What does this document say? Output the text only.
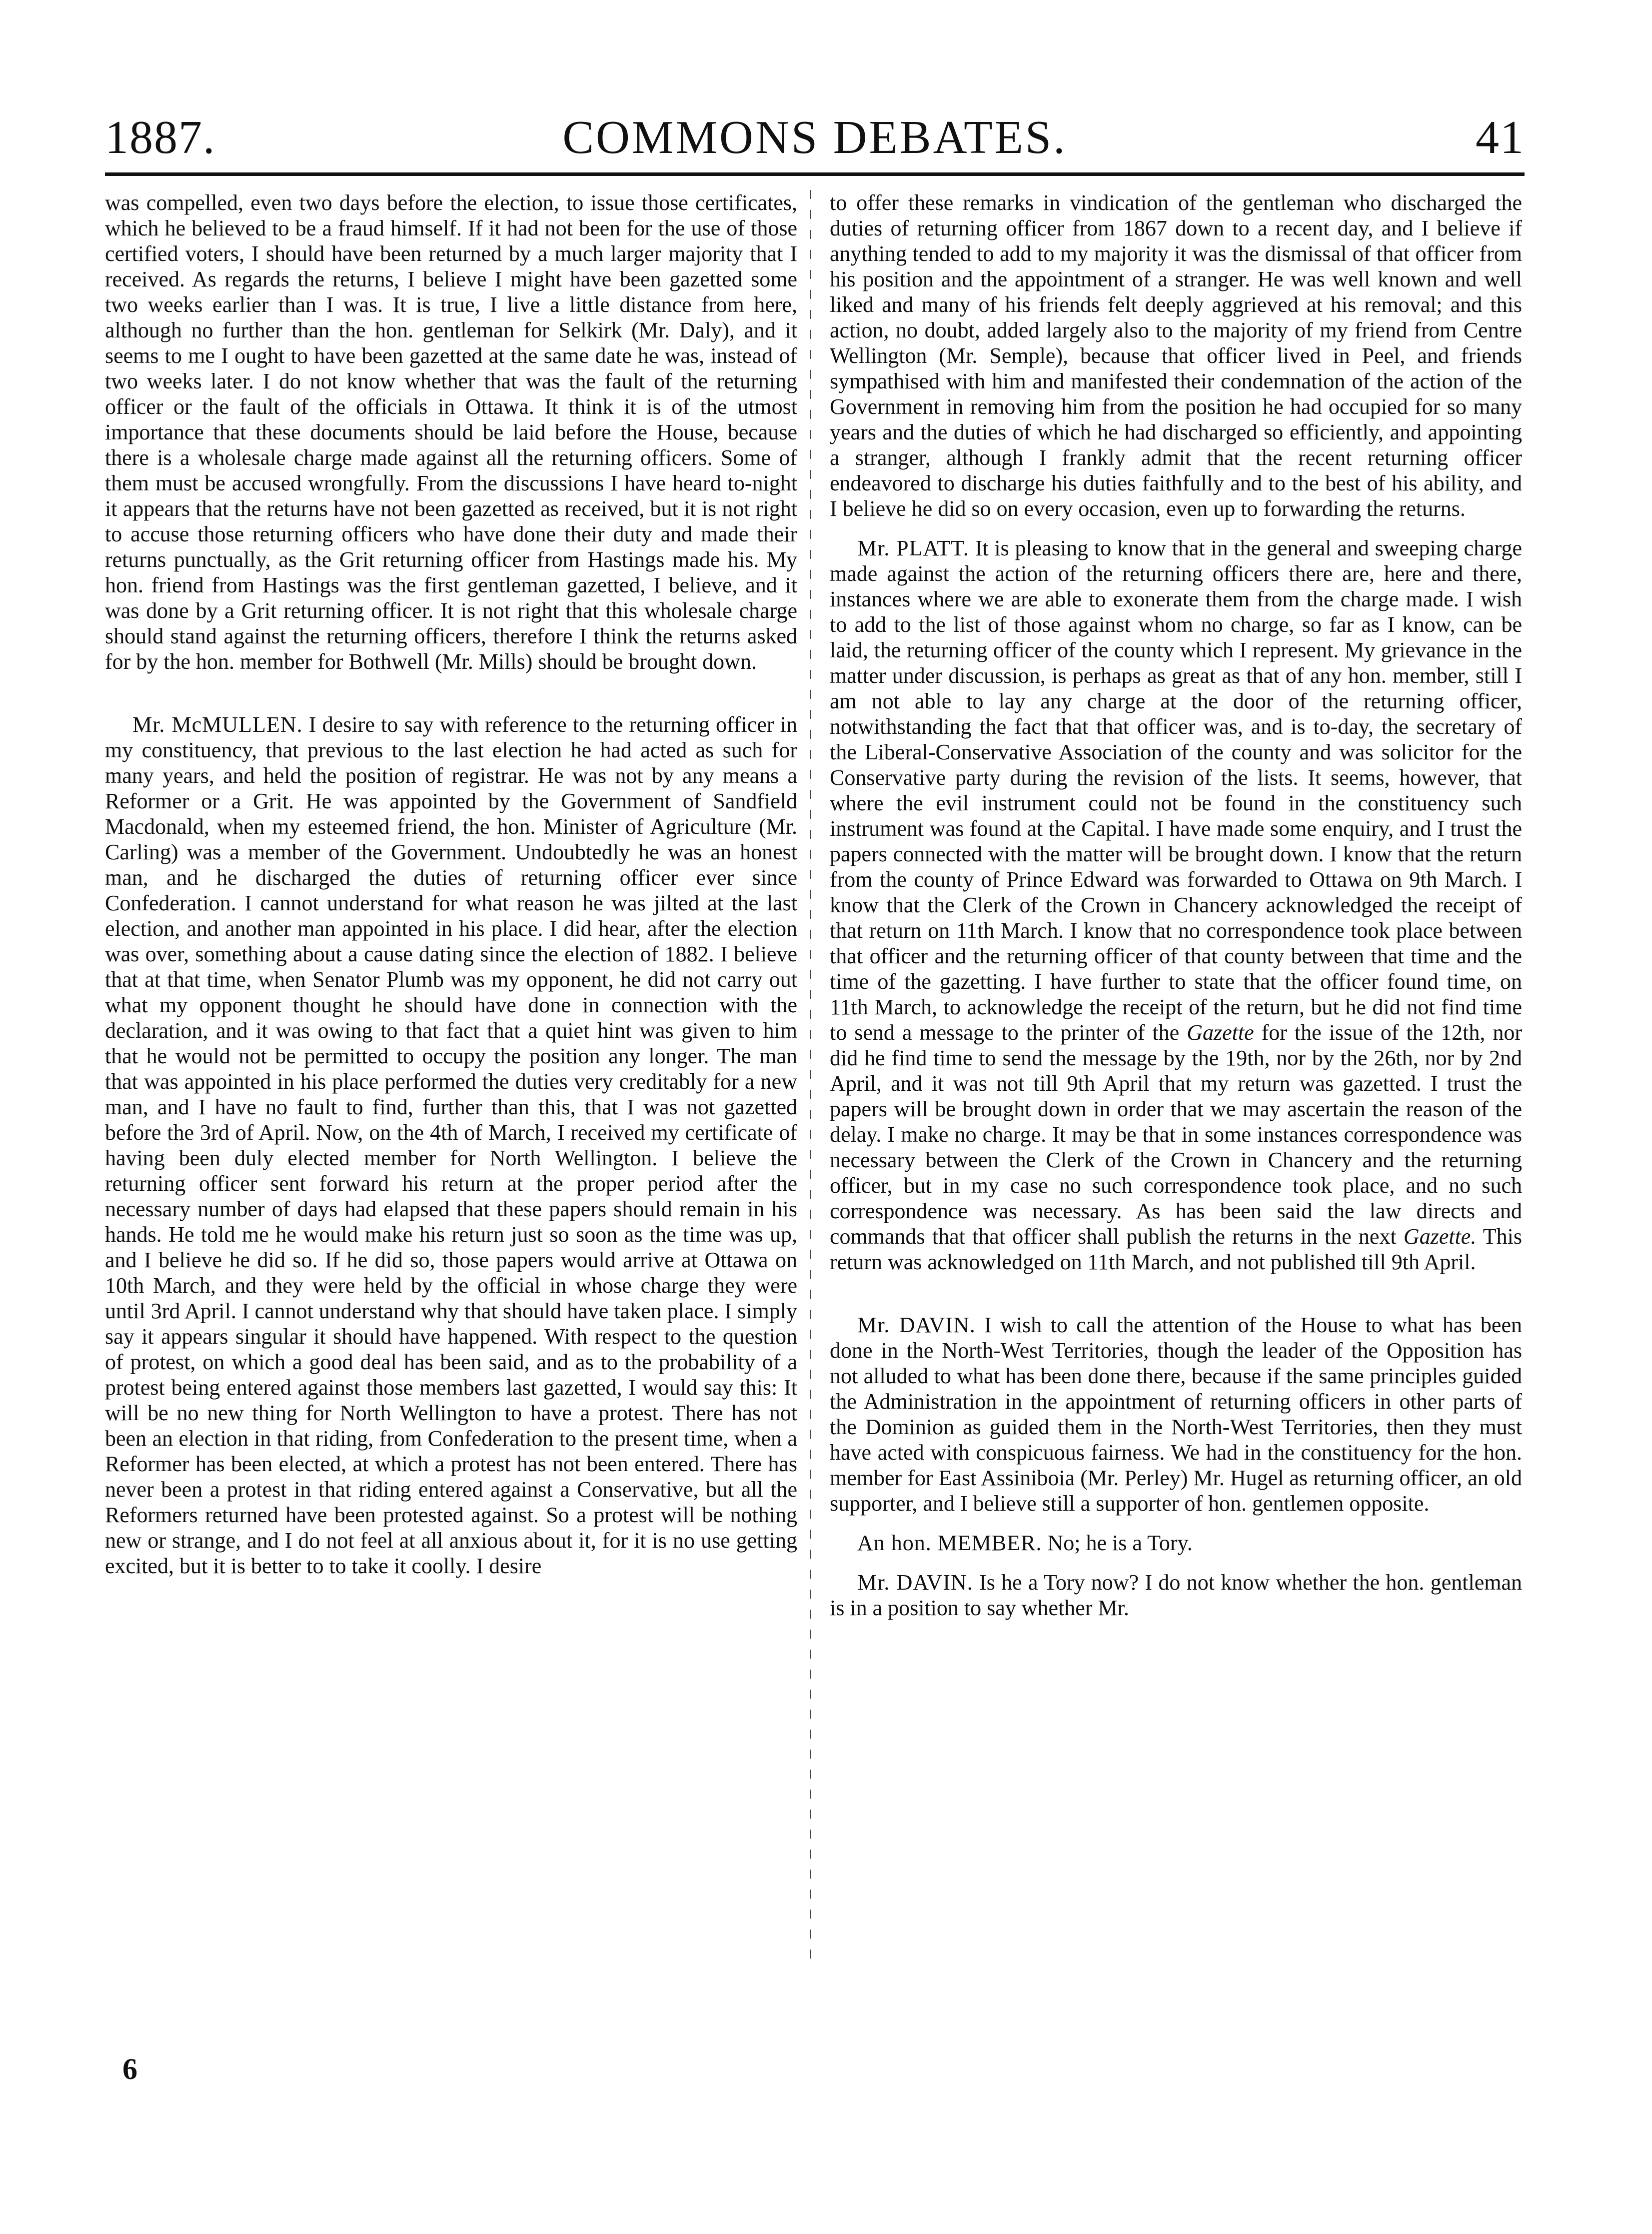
1887.	COMMONS DEBATES.	41

was compelled, even two days before the election, to issue those certificates, which he believed to be a fraud himself. If it had not been for the use of those certified voters, I should have been returned by a much larger majority that I received. As regards the returns, I believe I might have been gazetted some two weeks earlier than I was. It is true, I live a little distance from here, although no further than the hon. gentleman for Selkirk (Mr. Daly), and it seems to me I ought to have been gazetted at the same date he was, instead of two weeks later. I do not know whether that was the fault of the returning officer or the fault of the officials in Ottawa. It think it is of the utmost importance that these documents should be laid before the House, because there is a wholesale charge made against all the returning officers. Some of them must be accused wrongfully. From the discussions I have heard to-night it appears that the returns have not been gazetted as received, but it is not right to accuse those returning officers who have done their duty and made their returns punctually, as the Grit returning officer from Hastings made his. My hon. friend from Hastings was the first gentleman gazetted, I believe, and it was done by a Grit returning officer. It is not right that this wholesale charge should stand against the returning officers, therefore I think the returns asked for by the hon. member for Bothwell (Mr. Mills) should be brought down.

Mr. McMULLEN. I desire to say with reference to the returning officer in my constituency, that previous to the last election he had acted as such for many years, and held the position of registrar. He was not by any means a Reformer or a Grit. He was appointed by the Government of Sandfield Macdonald, when my esteemed friend, the hon. Minister of Agriculture (Mr. Carling) was a member of the Government. Undoubtedly he was an honest man, and he discharged the duties of returning officer ever since Confederation. I cannot understand for what reason he was jilted at the last election, and another man appointed in his place. I did hear, after the election was over, something about a cause dating since the election of 1882. I believe that at that time, when Senator Plumb was my opponent, he did not carry out what my opponent thought he should have done in connection with the declaration, and it was owing to that fact that a quiet hint was given to him that he would not be permitted to occupy the position any longer. The man that was appointed in his place performed the duties very creditably for a new man, and I have no fault to find, further than this, that I was not gazetted before the 3rd of April. Now, on the 4th of March, I received my certificate of having been duly elected member for North Wellington. I believe the returning officer sent forward his return at the proper period after the necessary number of days had elapsed that these papers should remain in his hands. He told me he would make his return just so soon as the time was up, and I believe he did so. If he did so, those papers would arrive at Ottawa on 10th March, and they were held by the official in whose charge they were until 3rd April. I cannot understand why that should have taken place. I simply say it appears singular it should have happened. With respect to the question of protest, on which a good deal has been said, and as to the probability of a protest being entered against those members last gazetted, I would say this: It will be no new thing for North Wellington to have a protest. There has not been an election in that riding, from Confederation to the present time, when a Reformer has been elected, at which a protest has not been entered. There has never been a protest in that riding entered against a Conservative, but all the Reformers returned have been protested against. So a protest will be nothing new or strange, and I do not feel at all anxious about it, for it is no use getting excited, but it is better to to take it coolly. I desire

to offer these remarks in vindication of the gentleman who discharged the duties of returning officer from 1867 down to a recent day, and I believe if anything tended to add to my majority it was the dismissal of that officer from his position and the appointment of a stranger. He was well known and well liked and many of his friends felt deeply aggrieved at his removal; and this action, no doubt, added largely also to the majority of my friend from Centre Wellington (Mr. Semple), because that officer lived in Peel, and friends sympathised with him and manifested their condemnation of the action of the Government in removing him from the position he had occupied for so many years and the duties of which he had discharged so efficiently, and appointing a stranger, although I frankly admit that the recent returning officer endeavored to discharge his duties faithfully and to the best of his ability, and I believe he did so on every occasion, even up to forwarding the returns.

Mr. PLATT. It is pleasing to know that in the general and sweeping charge made against the action of the returning officers there are, here and there, instances where we are able to exonerate them from the charge made. I wish to add to the list of those against whom no charge, so far as I know, can be laid, the returning officer of the county which I represent. My grievance in the matter under discussion, is perhaps as great as that of any hon. member, still I am not able to lay any charge at the door of the returning officer, notwithstanding the fact that that officer was, and is to-day, the secretary of the Liberal-Conservative Association of the county and was solicitor for the Conservative party during the revision of the lists. It seems, however, that where the evil instrument could not be found in the constituency such instrument was found at the Capital. I have made some enquiry, and I trust the papers connected with the matter will be brought down. I know that the return from the county of Prince Edward was forwarded to Ottawa on 9th March. I know that the Clerk of the Crown in Chancery acknowledged the receipt of that return on 11th March. I know that no correspondence took place between that officer and the returning officer of that county between that time and the time of the gazetting. I have further to state that the officer found time, on 11th March, to acknowledge the receipt of the return, but he did not find time to send a message to the printer of the Gazette for the issue of the 12th, nor did he find time to send the message by the 19th, nor by the 26th, nor by 2nd April, and it was not till 9th April that my return was gazetted. I trust the papers will be brought down in order that we may ascertain the reason of the delay. I make no charge. It may be that in some instances correspondence was necessary between the Clerk of the Crown in Chancery and the returning officer, but in my case no such correspondence took place, and no such correspondence was necessary. As has been said the law directs and commands that that officer shall publish the returns in the next Gazette. This return was acknowledged on 11th March, and not published till 9th April.

Mr. DAVIN. I wish to call the attention of the House to what has been done in the North-West Territories, though the leader of the Opposition has not alluded to what has been done there, because if the same principles guided the Administration in the appointment of returning officers in other parts of the Dominion as guided them in the North-West Territories, then they must have acted with conspicuous fairness. We had in the constituency for the hon. member for East Assiniboia (Mr. Perley) Mr. Hugel as returning officer, an old supporter, and I believe still a supporter of hon. gentlemen opposite.

An hon. MEMBER. No; he is a Tory.

Mr. DAVIN. Is he a Tory now? I do not know whether the hon. gentleman is in a position to say whether Mr.

6
